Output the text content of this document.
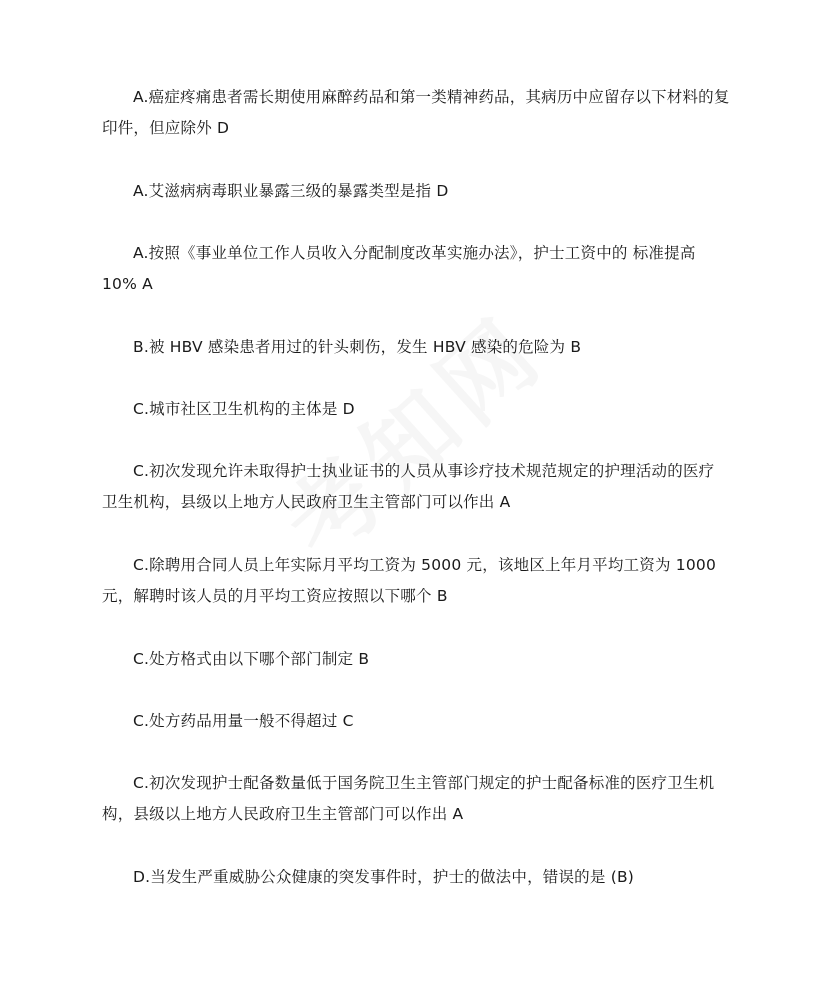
A.癌症疼痛患者需长期使用麻醉药品和第一类精神药品，其病历中应留存以下材料的复印件，但应除外 D

A.艾滋病病毒职业暴露三级的暴露类型是指 D

A.按照《事业单位工作人员收入分配制度改革实施办法》，护士工资中的 标准提高 10% A

B.被 HBV 感染患者用过的针头刺伤，发生 HBV 感染的危险为 B

C.城市社区卫生机构的主体是 D

C.初次发现允许未取得护士执业证书的人员从事诊疗技术规范规定的护理活动的医疗卫生机构，县级以上地方人民政府卫生主管部门可以作出 A

C.除聘用合同人员上年实际月平均工资为 5000 元，该地区上年月平均工资为 1000 元，解聘时该人员的月平均工资应按照以下哪个 B

C.处方格式由以下哪个部门制定 B

C.处方药品用量一般不得超过 C

C.初次发现护士配备数量低于国务院卫生主管部门规定的护士配备标准的医疗卫生机构，县级以上地方人民政府卫生主管部门可以作出 A

D.当发生严重威胁公众健康的突发事件时，护士的做法中，错误的是 (B)
